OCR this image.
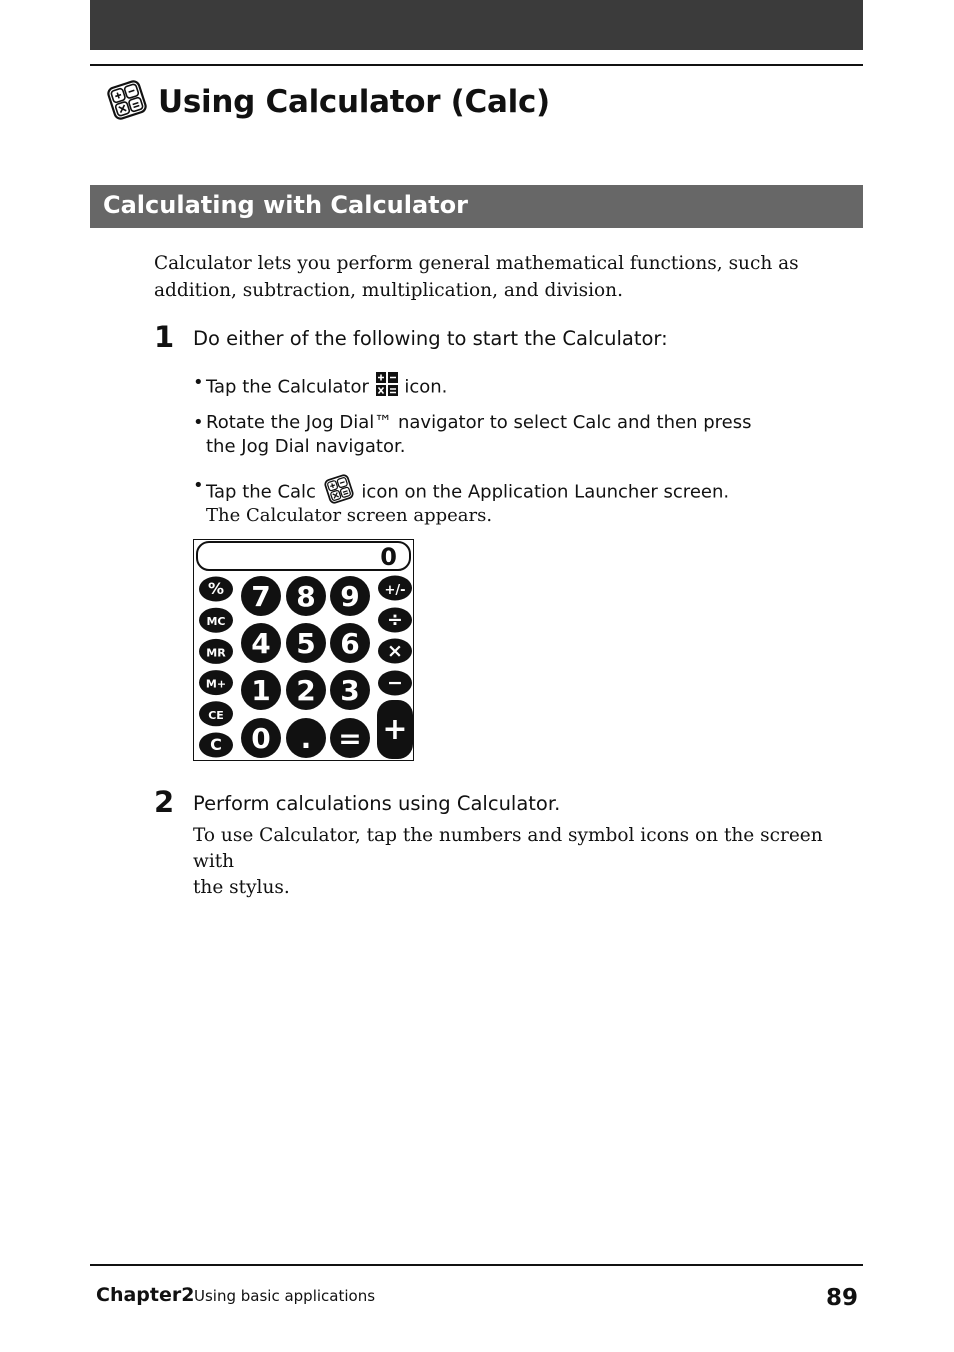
Using Calculator (Calc)
Calculating with Calculator
Calculator lets you perform general mathematical functions, such as
addition, subtraction, multiplication, and division.
1 Do either of the following to start the Calculator:
• Tap the Calculator icon.
• Rotate the Jog Dial™ navigator to select Calc and then press
the Jog Dial navigator.
• Tap the Calc	icon on the Application Launcher screen.
The Calculator screen appears.
0
%
MC
MR
M+
CE
C
7 8 9
4 5 6
1 2 3
0 . =
+/-
÷
×
−
+
2 Perform calculations using Calculator.
To use Calculator, tap the numbers and symbol icons on the screen with
the stylus.
Chapter2 Using basic applications	89
